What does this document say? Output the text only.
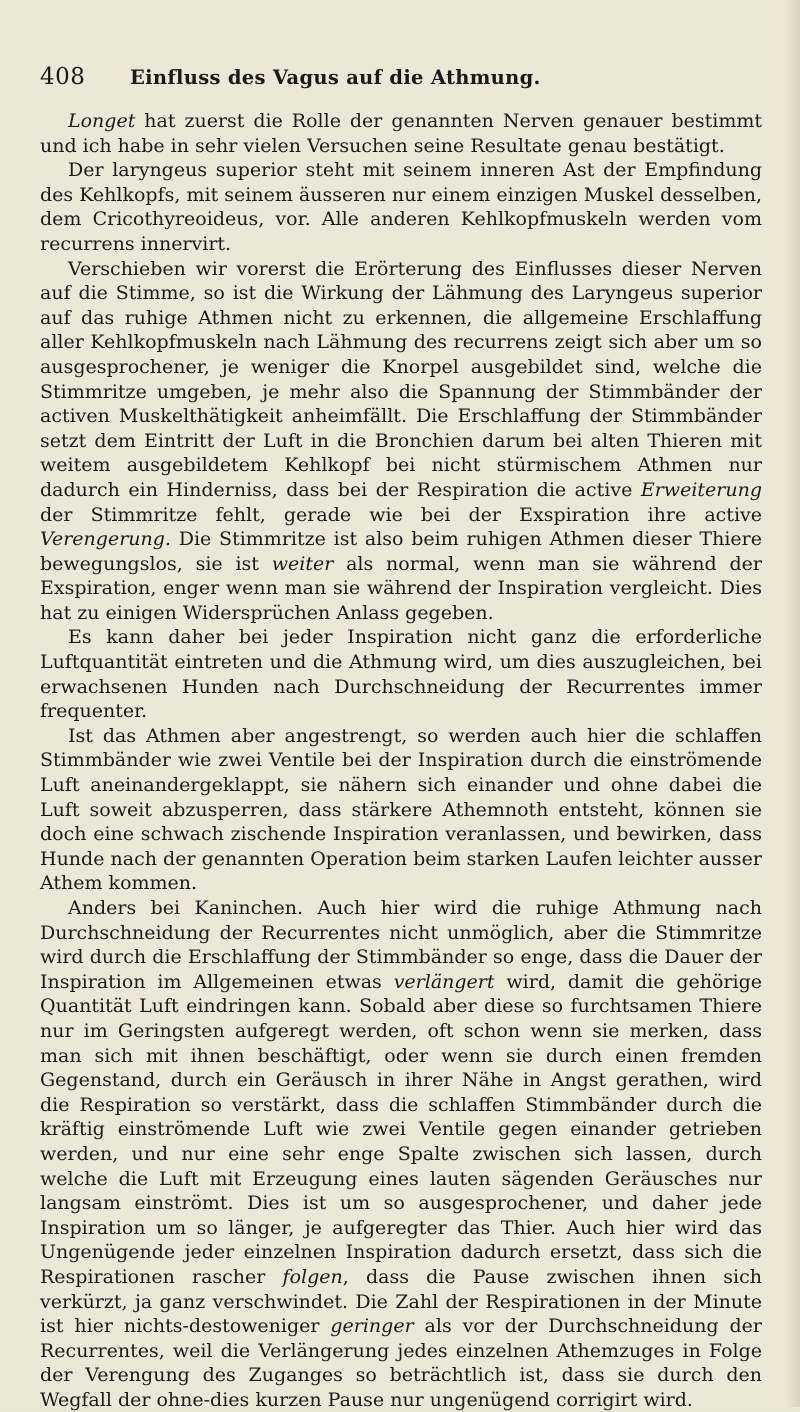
408 Einfluss des Vagus auf die Athmung.

Longet hat zuerst die Rolle der genannten Nerven genauer bestimmt und ich habe in sehr vielen Versuchen seine Resultate genau bestätigt.

Der laryngeus superior steht mit seinem inneren Ast der Empfindung des Kehlkopfs, mit seinem äusseren nur einem einzigen Muskel desselben, dem Cricothyreoideus, vor. Alle anderen Kehlkopfmuskeln werden vom recurrens innervirt.

Verschieben wir vorerst die Erörterung des Einflusses dieser Nerven auf die Stimme, so ist die Wirkung der Lähmung des Laryngeus superior auf das ruhige Athmen nicht zu erkennen, die allgemeine Erschlaffung aller Kehlkopfmuskeln nach Lähmung des recurrens zeigt sich aber um so ausgesprochener, je weniger die Knorpel ausgebildet sind, welche die Stimmritze umgeben, je mehr also die Spannung der Stimmbänder der activen Muskelthätigkeit anheimfällt. Die Erschlaffung der Stimmbänder setzt dem Eintritt der Luft in die Bronchien darum bei alten Thieren mit weitem ausgebildetem Kehlkopf bei nicht stürmischem Athmen nur dadurch ein Hinderniss, dass bei der Respiration die active Erweiterung der Stimmritze fehlt, gerade wie bei der Exspiration ihre active Verengerung. Die Stimmritze ist also beim ruhigen Athmen dieser Thiere bewegungslos, sie ist weiter als normal, wenn man sie während der Exspiration, enger wenn man sie während der Inspiration vergleicht. Dies hat zu einigen Widersprüchen Anlass gegeben.

Es kann daher bei jeder Inspiration nicht ganz die erforderliche Luftquantität eintreten und die Athmung wird, um dies auszugleichen, bei erwachsenen Hunden nach Durchschneidung der Recurrentes immer frequenter.

Ist das Athmen aber angestrengt, so werden auch hier die schlaffen Stimmbänder wie zwei Ventile bei der Inspiration durch die einströmende Luft aneinandergeklappt, sie nähern sich einander und ohne dabei die Luft soweit abzusperren, dass stärkere Athemnoth entsteht, können sie doch eine schwach zischende Inspiration veranlassen, und bewirken, dass Hunde nach der genannten Operation beim starken Laufen leichter ausser Athem kommen.

Anders bei Kaninchen. Auch hier wird die ruhige Athmung nach Durchschneidung der Recurrentes nicht unmöglich, aber die Stimmritze wird durch die Erschlaffung der Stimmbänder so enge, dass die Dauer der Inspiration im Allgemeinen etwas verlängert wird, damit die gehörige Quantität Luft eindringen kann. Sobald aber diese so furchtsamen Thiere nur im Geringsten aufgeregt werden, oft schon wenn sie merken, dass man sich mit ihnen beschäftigt, oder wenn sie durch einen fremden Gegenstand, durch ein Geräusch in ihrer Nähe in Angst gerathen, wird die Respiration so verstärkt, dass die schlaffen Stimmbänder durch die kräftig einströmende Luft wie zwei Ventile gegen einander getrieben werden, und nur eine sehr enge Spalte zwischen sich lassen, durch welche die Luft mit Erzeugung eines lauten sägenden Geräusches nur langsam einströmt. Dies ist um so ausgesprochener, und daher jede Inspiration um so länger, je aufgeregter das Thier. Auch hier wird das Ungenügende jeder einzelnen Inspiration dadurch ersetzt, dass sich die Respirationen rascher folgen, dass die Pause zwischen ihnen sich verkürzt, ja ganz verschwindet. Die Zahl der Respirationen in der Minute ist hier nichts-destoweniger geringer als vor der Durchschneidung der Recurrentes, weil die Verlängerung jedes einzelnen Athemzuges in Folge der Verengung des Zuganges so beträchtlich ist, dass sie durch den Wegfall der ohne-dies kurzen Pause nur ungenügend corrigirt wird.
